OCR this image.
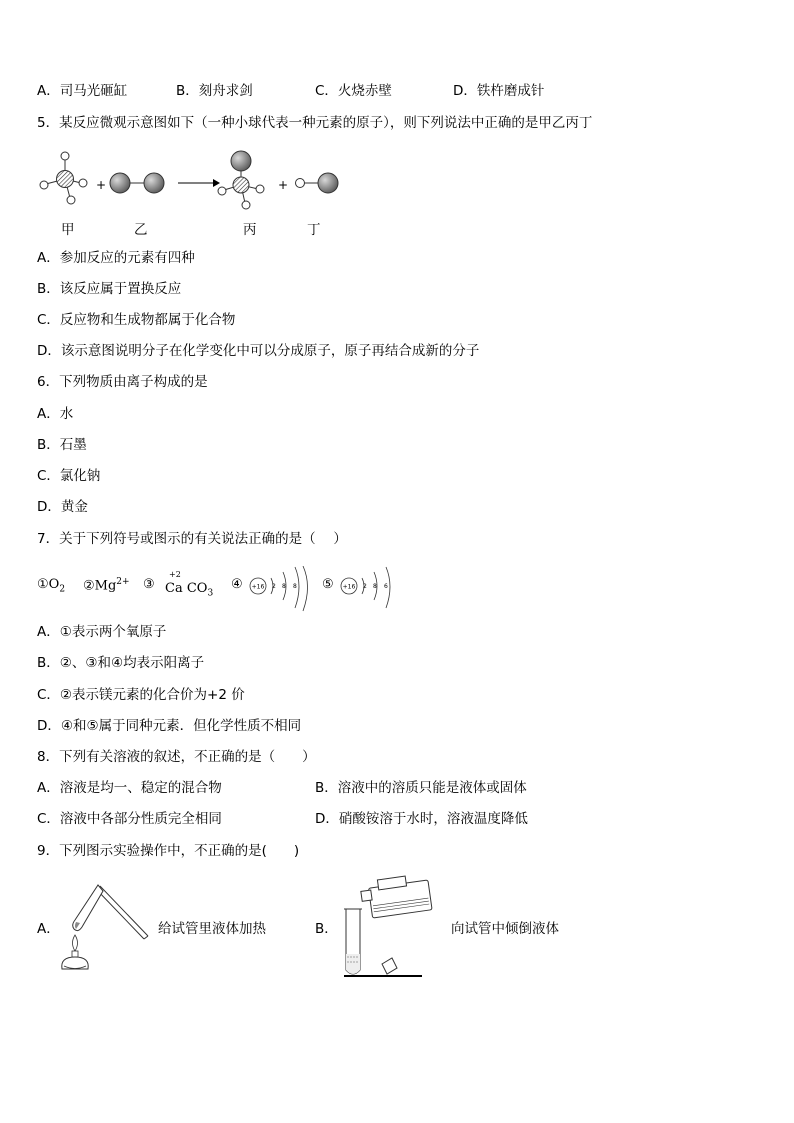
A．司马光砸缸	B．刻舟求剑	C．火烧赤壁	D．铁杵磨成针
5．某反应微观示意图如下（一种小球代表一种元素的原子），则下列说法中正确的是甲乙丙丁
+	+
甲	乙	丙	丁
A．参加反应的元素有四种
B．该反应属于置换反应
C．反应物和生成物都属于化合物
D．该示意图说明分子在化学变化中可以分成原子，原子再结合成新的分子
6．下列物质由离子构成的是
A．水
B．石墨
C．氯化钠
D．黄金
7．关于下列符号或图示的有关说法正确的是（　 ）
$①O_2$ $②Mg^{2+}$ ③
+2
Ca $CO_3$
④ +16 2 8 8 ⑤ +16 2 8 6
A．①表示两个氧原子
B．②、③和④均表示阳离子
C．②表示镁元素的化合价为+2 价
D．④和⑤属于同种元素．但化学性质不相同
8．下列有关溶液的叙述，不正确的是（　　）
A．溶液是均一、稳定的混合物	B．溶液中的溶质只能是液体或固体
C．溶液中各部分性质完全相同	D．硝酸铵溶于水时，溶液温度降低
9．下列图示实验操作中，不正确的是(　　)
A．	给试管里液体加热	B．	向试管中倾倒液体
